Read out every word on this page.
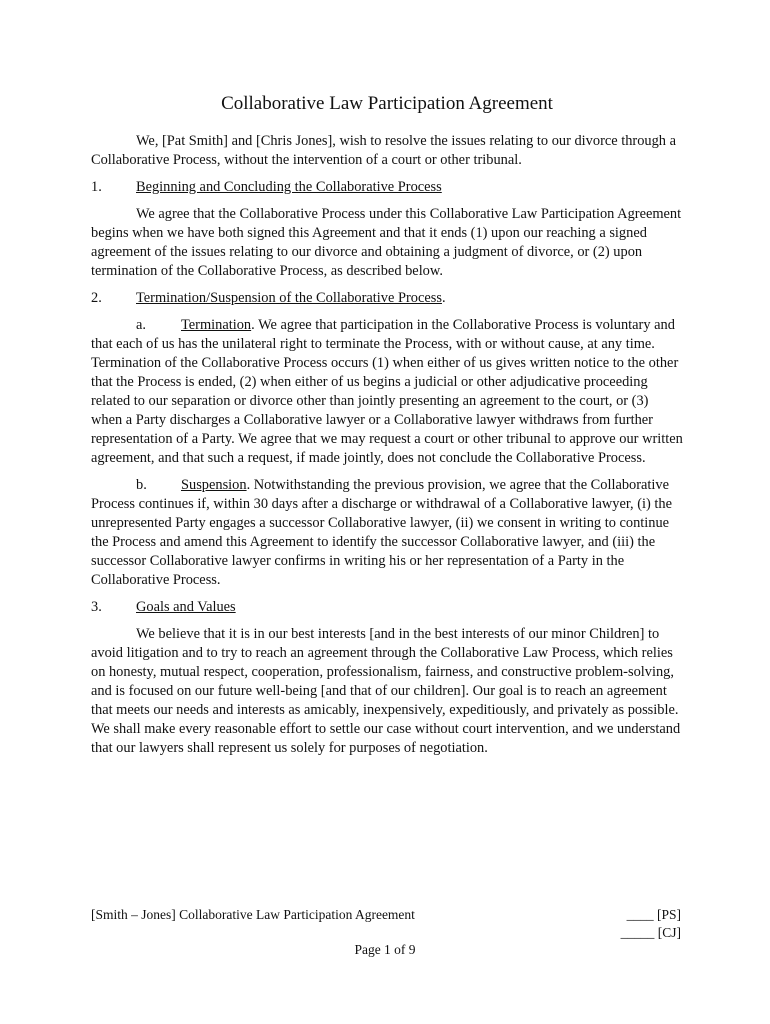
Collaborative Law Participation Agreement

We, [Pat Smith] and [Chris Jones], wish to resolve the issues relating to our divorce through a Collaborative Process, without the intervention of a court or other tribunal.

1.	Beginning and Concluding the Collaborative Process

We agree that the Collaborative Process under this Collaborative Law Participation Agreement begins when we have both signed this Agreement and that it ends (1) upon our reaching a signed agreement of the issues relating to our divorce and obtaining a judgment of divorce, or (2) upon termination of the Collaborative Process, as described below.

2.	Termination/Suspension of the Collaborative Process.

a. Termination. We agree that participation in the Collaborative Process is voluntary and that each of us has the unilateral right to terminate the Process, with or without cause, at any time. Termination of the Collaborative Process occurs (1) when either of us gives written notice to the other that the Process is ended, (2) when either of us begins a judicial or other adjudicative proceeding related to our separation or divorce other than jointly presenting an agreement to the court, or (3) when a Party discharges a Collaborative lawyer or a Collaborative lawyer withdraws from further representation of a Party. We agree that we may request a court or other tribunal to approve our written agreement, and that such a request, if made jointly, does not conclude the Collaborative Process.

b. Suspension. Notwithstanding the previous provision, we agree that the Collaborative Process continues if, within 30 days after a discharge or withdrawal of a Collaborative lawyer, (i) the unrepresented Party engages a successor Collaborative lawyer, (ii) we consent in writing to continue the Process and amend this Agreement to identify the successor Collaborative lawyer, and (iii) the successor Collaborative lawyer confirms in writing his or her representation of a Party in the Collaborative Process.

3.	Goals and Values

We believe that it is in our best interests [and in the best interests of our minor Children] to avoid litigation and to try to reach an agreement through the Collaborative Law Process, which relies on honesty, mutual respect, cooperation, professionalism, fairness, and constructive problem-solving, and is focused on our future well-being [and that of our children]. Our goal is to reach an agreement that meets our needs and interests as amicably, inexpensively, expeditiously, and privately as possible. We shall make every reasonable effort to settle our case without court intervention, and we understand that our lawyers shall represent us solely for purposes of negotiation.

[Smith – Jones] Collaborative Law Participation Agreement	____ [PS]
_____ [CJ]
Page 1 of 9
